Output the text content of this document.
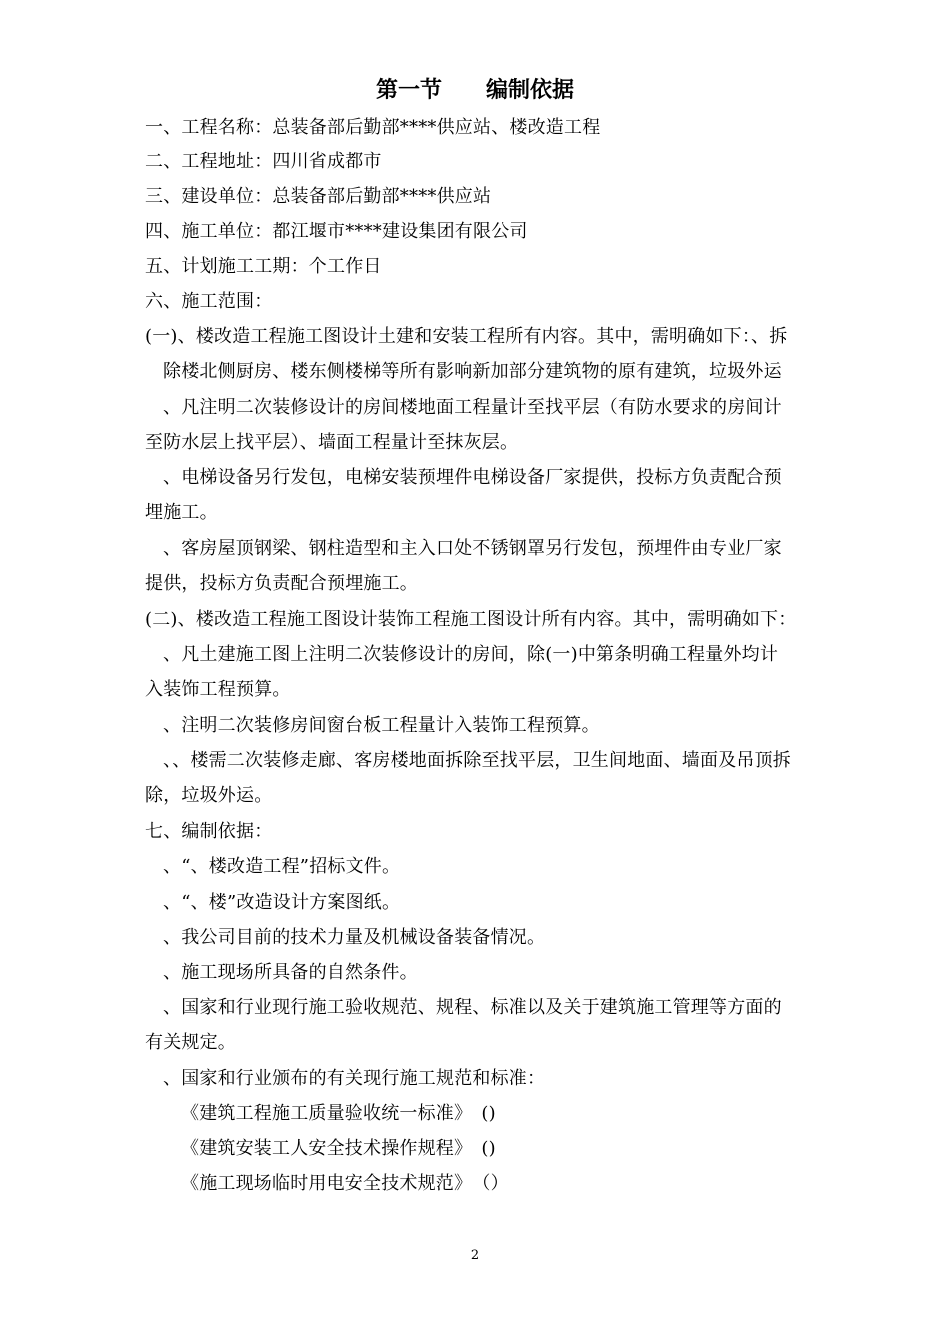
第一节　　编制依据
一、工程名称：总装备部后勤部****供应站、楼改造工程
二、工程地址：四川省成都市
三、建设单位：总装备部后勤部****供应站
四、施工单位：都江堰市****建设集团有限公司
五、计划施工工期：个工作日
六、施工范围：
(一)、楼改造工程施工图设计土建和安装工程所有内容。其中，需明确如下：、拆
除楼北侧厨房、楼东侧楼梯等所有影响新加部分建筑物的原有建筑，垃圾外运
、凡注明二次装修设计的房间楼地面工程量计至找平层（有防水要求的房间计
至防水层上找平层）、墙面工程量计至抹灰层。
、电梯设备另行发包，电梯安装预埋件电梯设备厂家提供，投标方负责配合预
埋施工。
、客房屋顶钢梁、钢柱造型和主入口处不锈钢罩另行发包，预埋件由专业厂家
提供，投标方负责配合预埋施工。
(二)、楼改造工程施工图设计装饰工程施工图设计所有内容。其中，需明确如下：
、凡土建施工图上注明二次装修设计的房间，除(一)中第条明确工程量外均计
入装饰工程预算。
、注明二次装修房间窗台板工程量计入装饰工程预算。
、、楼需二次装修走廊、客房楼地面拆除至找平层，卫生间地面、墙面及吊顶拆
除，垃圾外运。
七、编制依据：
、“、楼改造工程”招标文件。
、“、楼”改造设计方案图纸。
、我公司目前的技术力量及机械设备装备情况。
、施工现场所具备的自然条件。
、国家和行业现行施工验收规范、规程、标准以及关于建筑施工管理等方面的
有关规定。
、国家和行业颁布的有关现行施工规范和标准：
《建筑工程施工质量验收统一标准》　()
《建筑安装工人安全技术操作规程》　()
《施工现场临时用电安全技术规范》　（）
2
